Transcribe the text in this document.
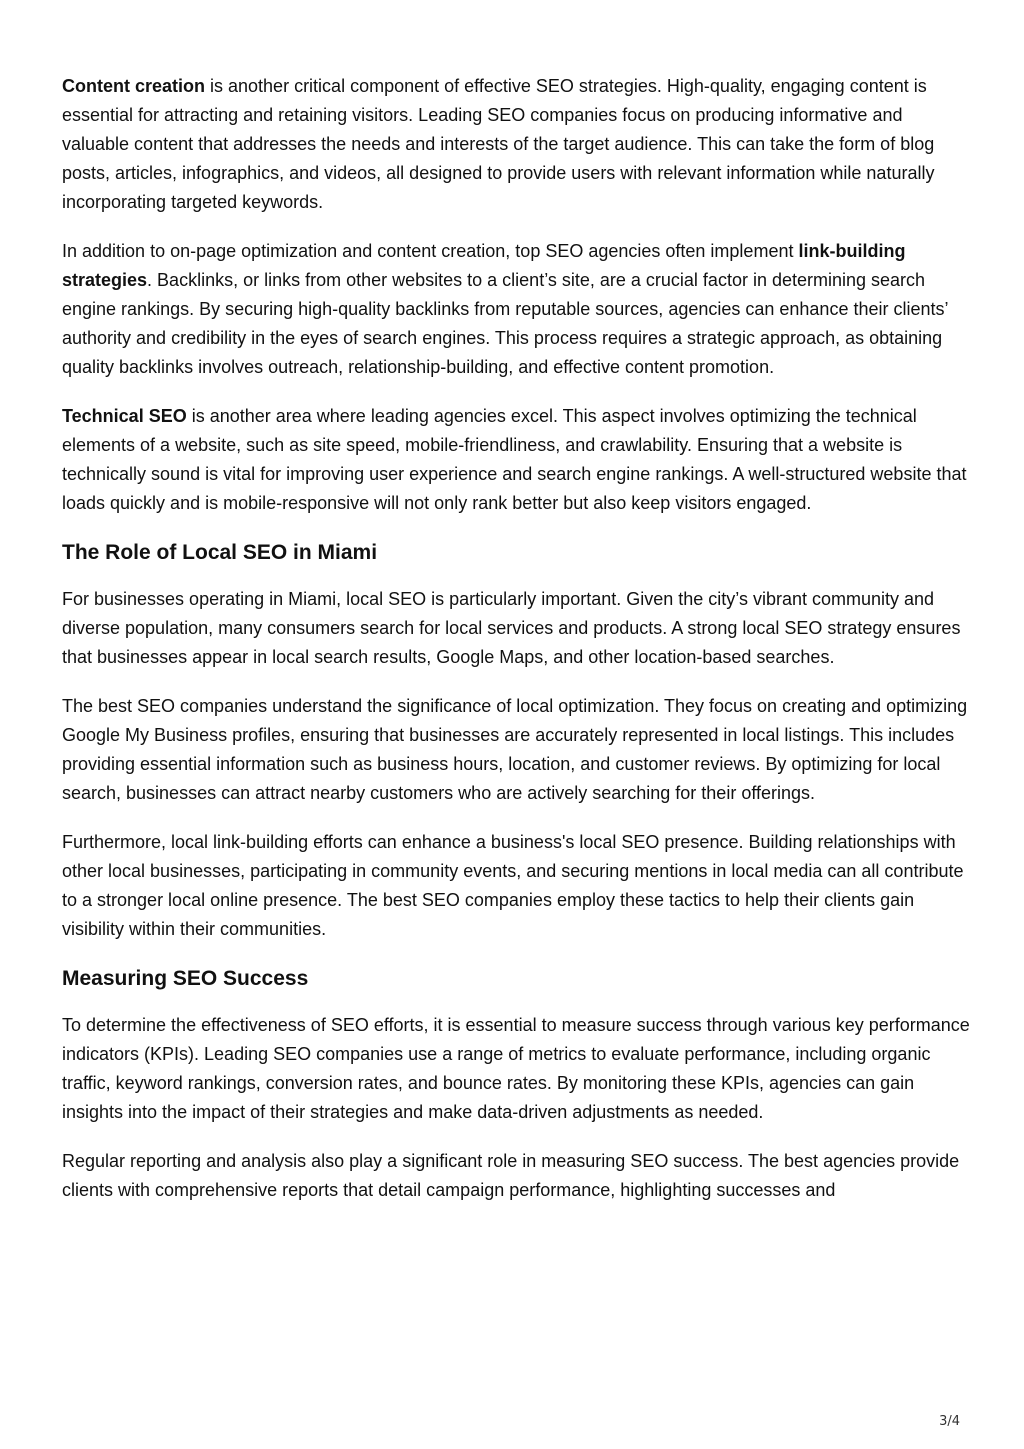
Content creation is another critical component of effective SEO strategies. High-quality, engaging content is essential for attracting and retaining visitors. Leading SEO companies focus on producing informative and valuable content that addresses the needs and interests of the target audience. This can take the form of blog posts, articles, infographics, and videos, all designed to provide users with relevant information while naturally incorporating targeted keywords.

In addition to on-page optimization and content creation, top SEO agencies often implement link-building strategies. Backlinks, or links from other websites to a client’s site, are a crucial factor in determining search engine rankings. By securing high-quality backlinks from reputable sources, agencies can enhance their clients’ authority and credibility in the eyes of search engines. This process requires a strategic approach, as obtaining quality backlinks involves outreach, relationship-building, and effective content promotion.

Technical SEO is another area where leading agencies excel. This aspect involves optimizing the technical elements of a website, such as site speed, mobile-friendliness, and crawlability. Ensuring that a website is technically sound is vital for improving user experience and search engine rankings. A well-structured website that loads quickly and is mobile-responsive will not only rank better but also keep visitors engaged.

The Role of Local SEO in Miami

For businesses operating in Miami, local SEO is particularly important. Given the city’s vibrant community and diverse population, many consumers search for local services and products. A strong local SEO strategy ensures that businesses appear in local search results, Google Maps, and other location-based searches.

The best SEO companies understand the significance of local optimization. They focus on creating and optimizing Google My Business profiles, ensuring that businesses are accurately represented in local listings. This includes providing essential information such as business hours, location, and customer reviews. By optimizing for local search, businesses can attract nearby customers who are actively searching for their offerings.

Furthermore, local link-building efforts can enhance a business's local SEO presence. Building relationships with other local businesses, participating in community events, and securing mentions in local media can all contribute to a stronger local online presence. The best SEO companies employ these tactics to help their clients gain visibility within their communities.

Measuring SEO Success

To determine the effectiveness of SEO efforts, it is essential to measure success through various key performance indicators (KPIs). Leading SEO companies use a range of metrics to evaluate performance, including organic traffic, keyword rankings, conversion rates, and bounce rates. By monitoring these KPIs, agencies can gain insights into the impact of their strategies and make data-driven adjustments as needed.

Regular reporting and analysis also play a significant role in measuring SEO success. The best agencies provide clients with comprehensive reports that detail campaign performance, highlighting successes and

3/4
